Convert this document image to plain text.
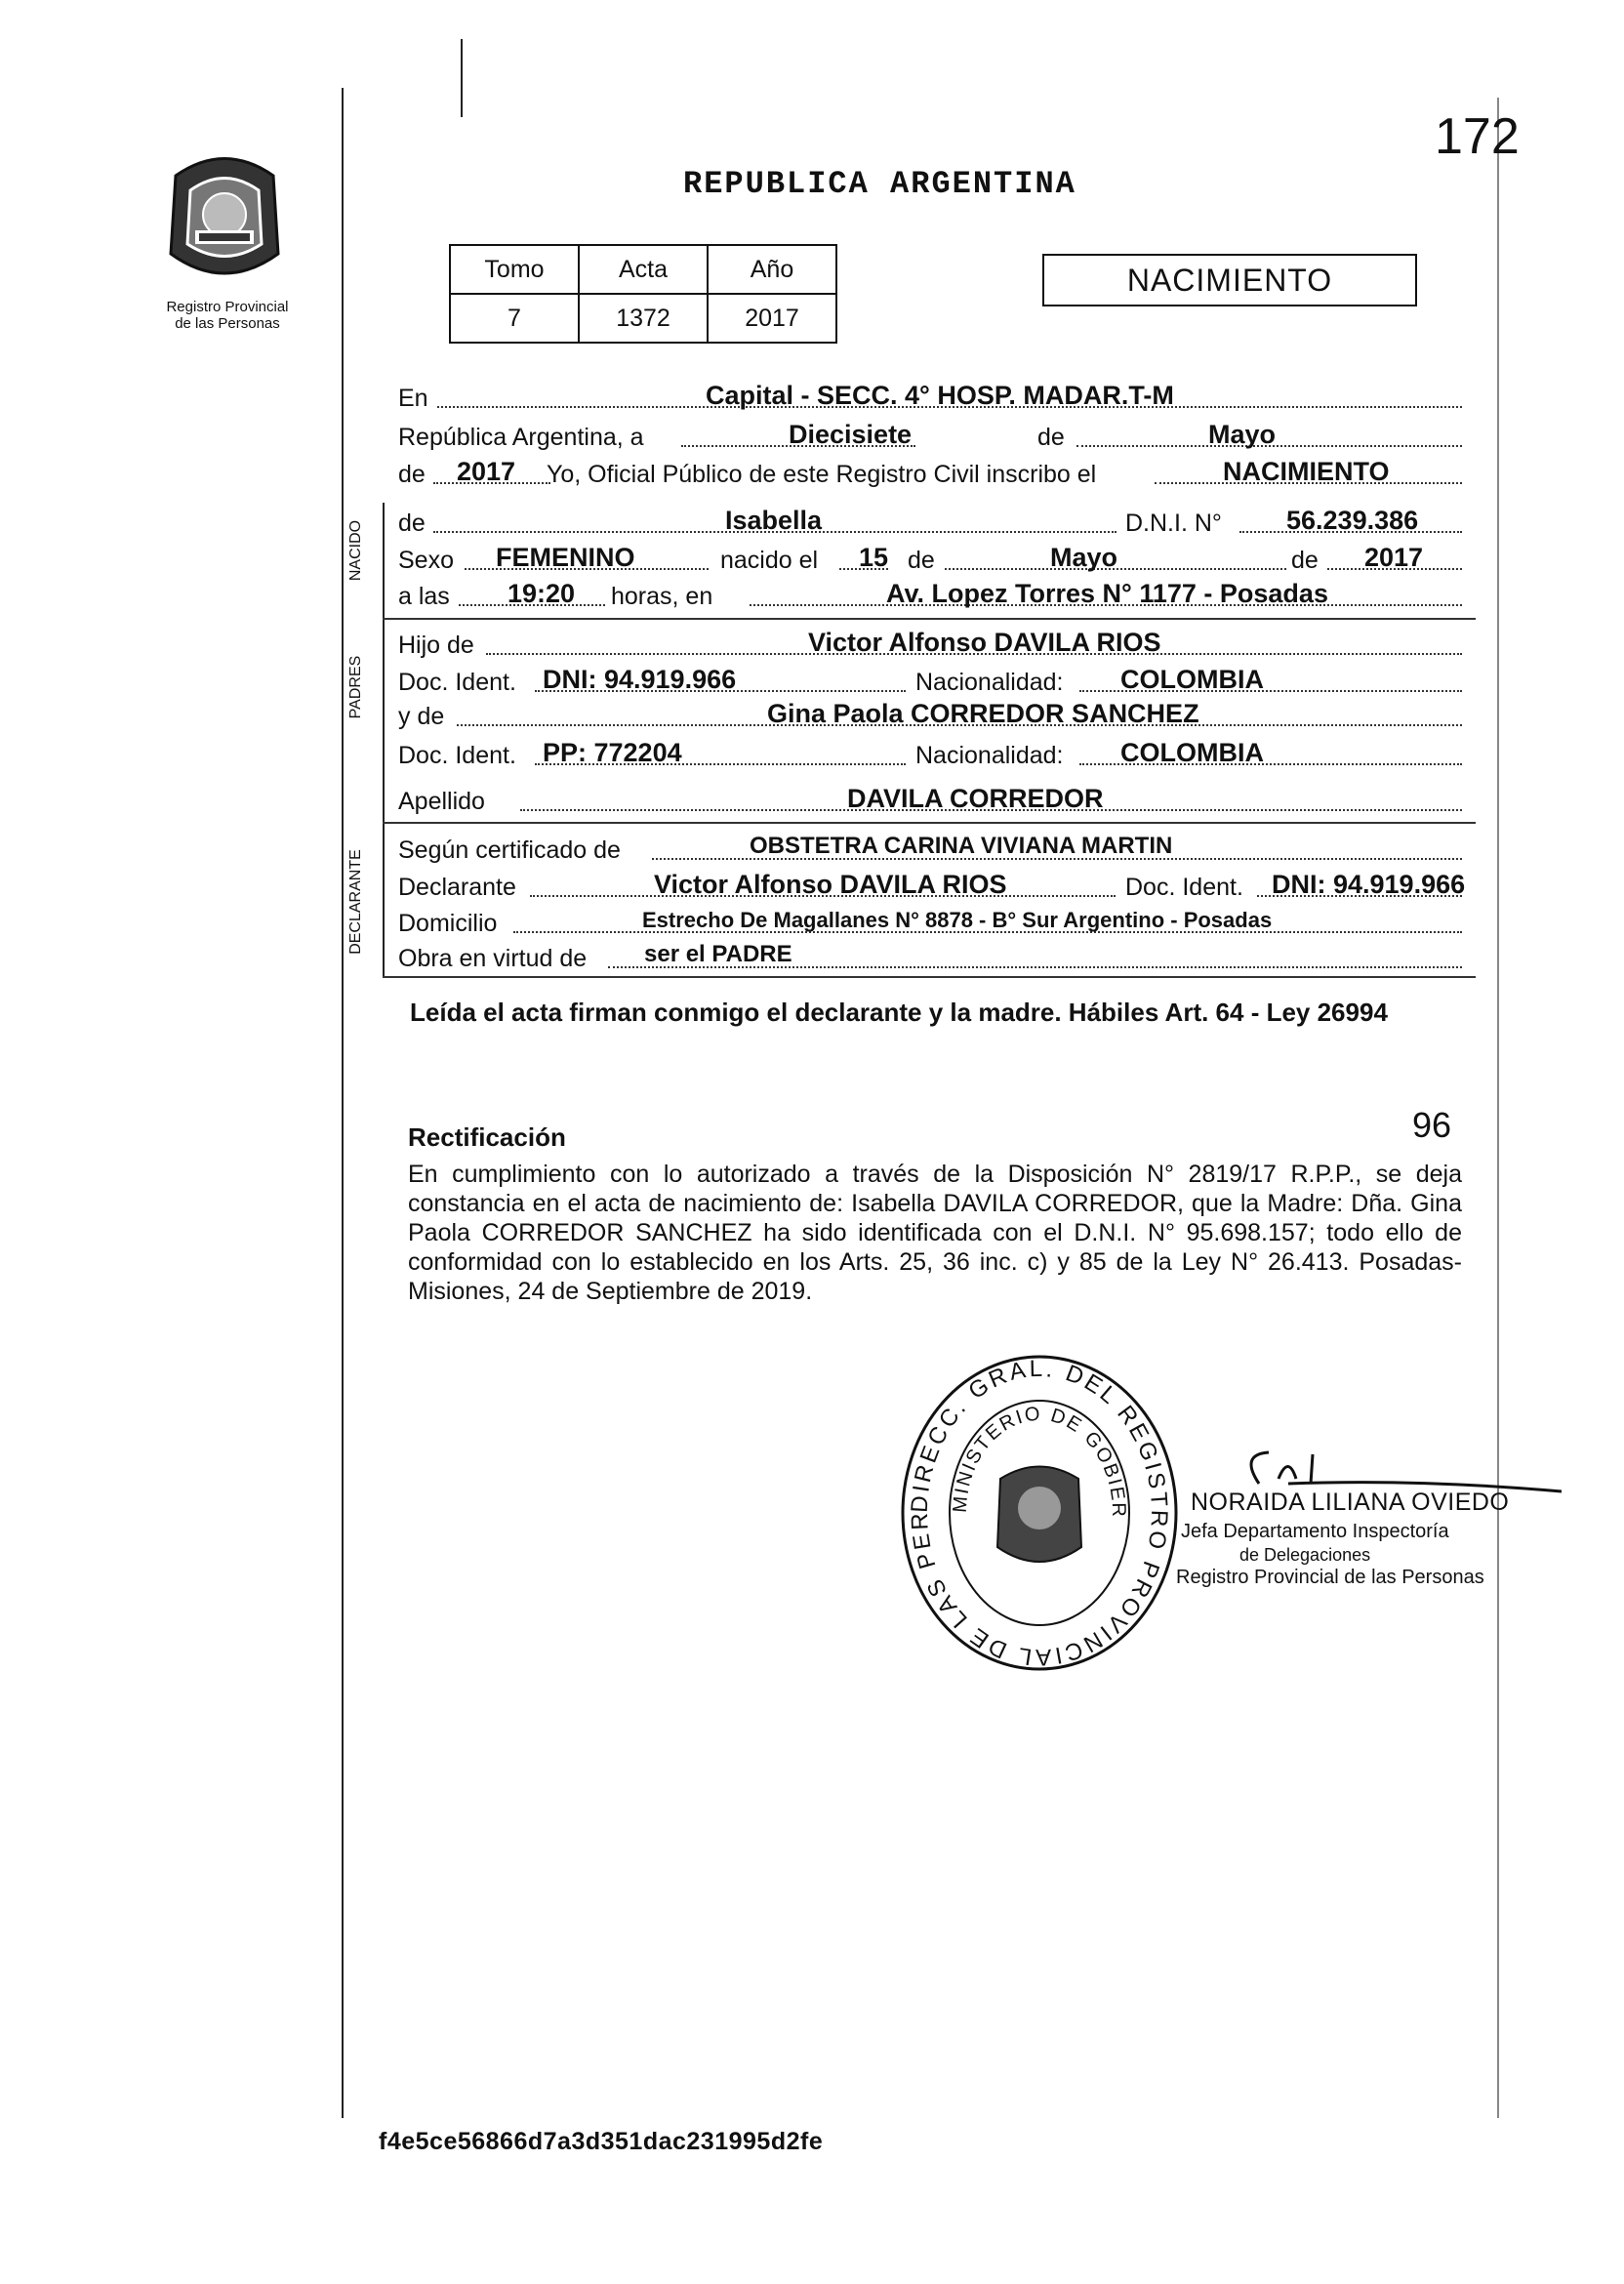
172
Registro Provincial
de las Personas
REPUBLICA ARGENTINA
Tomo	Acta	Año
7	1372	2017
NACIMIENTO
NACIDO
PADRES
DECLARANTE
En	Capital - SECC. 4° HOSP. MADAR.T-M
República Argentina, a	Diecisiete	de	Mayo
de 2017 Yo, Oficial Público de este Registro Civil inscribo el	NACIMIENTO
de	Isabella	D.N.I. N° 56.239.386
Sexo FEMENINO	nacido el 15 de	Mayo	de 2017
a las 19:20 horas, en	Av. Lopez Torres N° 1177 - Posadas
Hijo de	Victor Alfonso DAVILA RIOS
Doc. Ident. DNI: 94.919.966	Nacionalidad: COLOMBIA
y de	Gina Paola CORREDOR SANCHEZ
Doc. Ident. PP: 772204	Nacionalidad: COLOMBIA
Apellido	DAVILA CORREDOR
Según certificado de	OBSTETRA CARINA VIVIANA MARTIN
Declarante	Victor Alfonso DAVILA RIOS	Doc. Ident. DNI: 94.919.966
Domicilio	Estrecho De Magallanes N° 8878 - B° Sur Argentino - Posadas
Obra en virtud de ser el PADRE
Leída el acta firman conmigo el declarante y la madre. Hábiles Art. 64 - Ley 26994
96
Rectificación
En cumplimiento con lo autorizado a través de la Disposición N° 2819/17 R.P.P., se deja constancia en el acta de nacimiento de: Isabella DAVILA CORREDOR, que la Madre: Dña. Gina Paola CORREDOR SANCHEZ ha sido identificada con el D.N.I. N° 95.698.157; todo ello de conformidad con lo establecido en los Arts. 25, 36 inc. c) y 85 de la Ley N° 26.413. Posadas- Misiones, 24 de Septiembre de 2019.
DIRECC. GRAL. DEL REGISTRO PROVINCIAL DE LAS PER
MINISTERIO DE GOBIER	NORAIDA LILIANA OVIEDO
Jefa Departamento Inspectoría
de Delegaciones
Registro Provincial de las Personas
f4e5ce56866d7a3d351dac231995d2fe
